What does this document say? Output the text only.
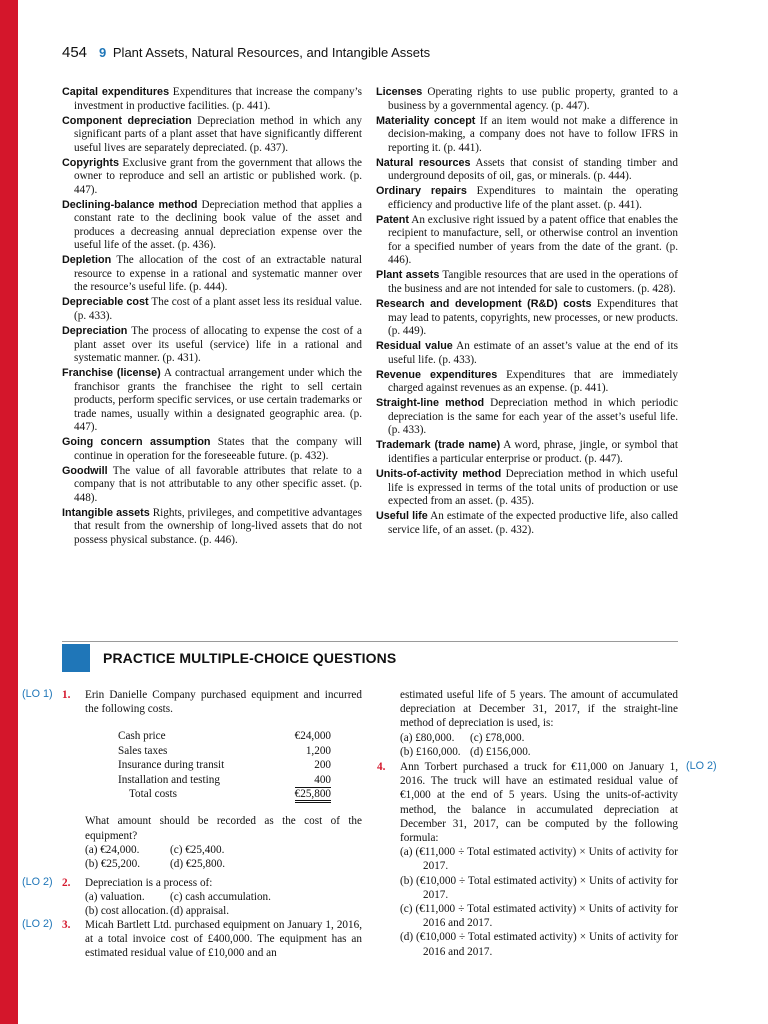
454 9 Plant Assets, Natural Resources, and Intangible Assets

Capital expenditures Expenditures that increase the company’s investment in productive facilities. (p. 441).

Component depreciation Depreciation method in which any significant parts of a plant asset that have significantly different useful lives are separately depreciated. (p. 437).

Copyrights Exclusive grant from the government that allows the owner to reproduce and sell an artistic or published work. (p. 447).

Declining-balance method Depreciation method that applies a constant rate to the declining book value of the asset and produces a decreasing annual depreciation expense over the useful life of the asset. (p. 436).

Depletion The allocation of the cost of an extractable natural resource to expense in a rational and systematic manner over the resource’s useful life. (p. 444).

Depreciable cost The cost of a plant asset less its residual value. (p. 433).

Depreciation The process of allocating to expense the cost of a plant asset over its useful (service) life in a rational and systematic manner. (p. 431).

Franchise (license) A contractual arrangement under which the franchisor grants the franchisee the right to sell certain products, perform specific services, or use certain trademarks or trade names, usually within a designated geographic area. (p. 447).

Going concern assumption States that the company will continue in operation for the foreseeable future. (p. 432).

Goodwill The value of all favorable attributes that relate to a company that is not attributable to any other specific asset. (p. 448).

Intangible assets Rights, privileges, and competitive advantages that result from the ownership of long-lived assets that do not possess physical substance. (p. 446).

Licenses Operating rights to use public property, granted to a business by a governmental agency. (p. 447).

Materiality concept If an item would not make a difference in decision-making, a company does not have to follow IFRS in reporting it. (p. 441).

Natural resources Assets that consist of standing timber and underground deposits of oil, gas, or minerals. (p. 444).

Ordinary repairs Expenditures to maintain the operating efficiency and productive life of the plant asset. (p. 441).

Patent An exclusive right issued by a patent office that enables the recipient to manufacture, sell, or otherwise control an invention for a specified number of years from the date of the grant. (p. 446).

Plant assets Tangible resources that are used in the operations of the business and are not intended for sale to customers. (p. 428).

Research and development (R&D) costs Expenditures that may lead to patents, copyrights, new processes, or new products. (p. 449).

Residual value An estimate of an asset’s value at the end of its useful life. (p. 433).

Revenue expenditures Expenditures that are immediately charged against revenues as an expense. (p. 441).

Straight-line method Depreciation method in which periodic depreciation is the same for each year of the asset’s useful life. (p. 433).

Trademark (trade name) A word, phrase, jingle, or symbol that identifies a particular enterprise or product. (p. 447).

Units-of-activity method Depreciation method in which useful life is expressed in terms of the total units of production or use expected from an asset. (p. 435).

Useful life An estimate of the expected productive life, also called service life, of an asset. (p. 432).

PRACTICE MULTIPLE-CHOICE QUESTIONS
(LO 1) 1. Erin Danielle Company purchased equipment and incurred the following costs.
Cash price	€24,000
Sales taxes	1,200
Insurance during transit	200
Installation and testing	400
Total costs	€25,800
What amount should be recorded as the cost of the equipment?
(a) €24,000.	(c) €25,400.
(b) €25,200.	(d) €25,800.
(LO 2) 2. Depreciation is a process of:
(a) valuation.	(c) cash accumulation.
(b) cost allocation. (d) appraisal.
(LO 2) 3. Micah Bartlett Ltd. purchased equipment on January 1, 2016, at a total invoice cost of £400,000. The equipment has an estimated residual value of £10,000 and an
estimated useful life of 5 years. The amount of accumulated depreciation at December 31, 2017, if the straight-line method of depreciation is used, is:
(a) £80,000.	(c) £78,000.
(b) £160,000. (d) £156,000.
4. Ann Torbert purchased a truck for €11,000 on January 1, 2016. The truck will have an estimated residual value of €1,000 at the end of 5 years. Using the units-of-activity method, the balance in accumulated depreciation at December 31, 2017, can be computed by the following formula:
(a) (€11,000 ÷ Total estimated activity) × Units of activity for 2017.
(b) (€10,000 ÷ Total estimated activity) × Units of activity for 2017.
(c) (€11,000 ÷ Total estimated activity) × Units of activity for 2016 and 2017.
(d) (€10,000 ÷ Total estimated activity) × Units of activity for 2016 and 2017.
(LO 2)
